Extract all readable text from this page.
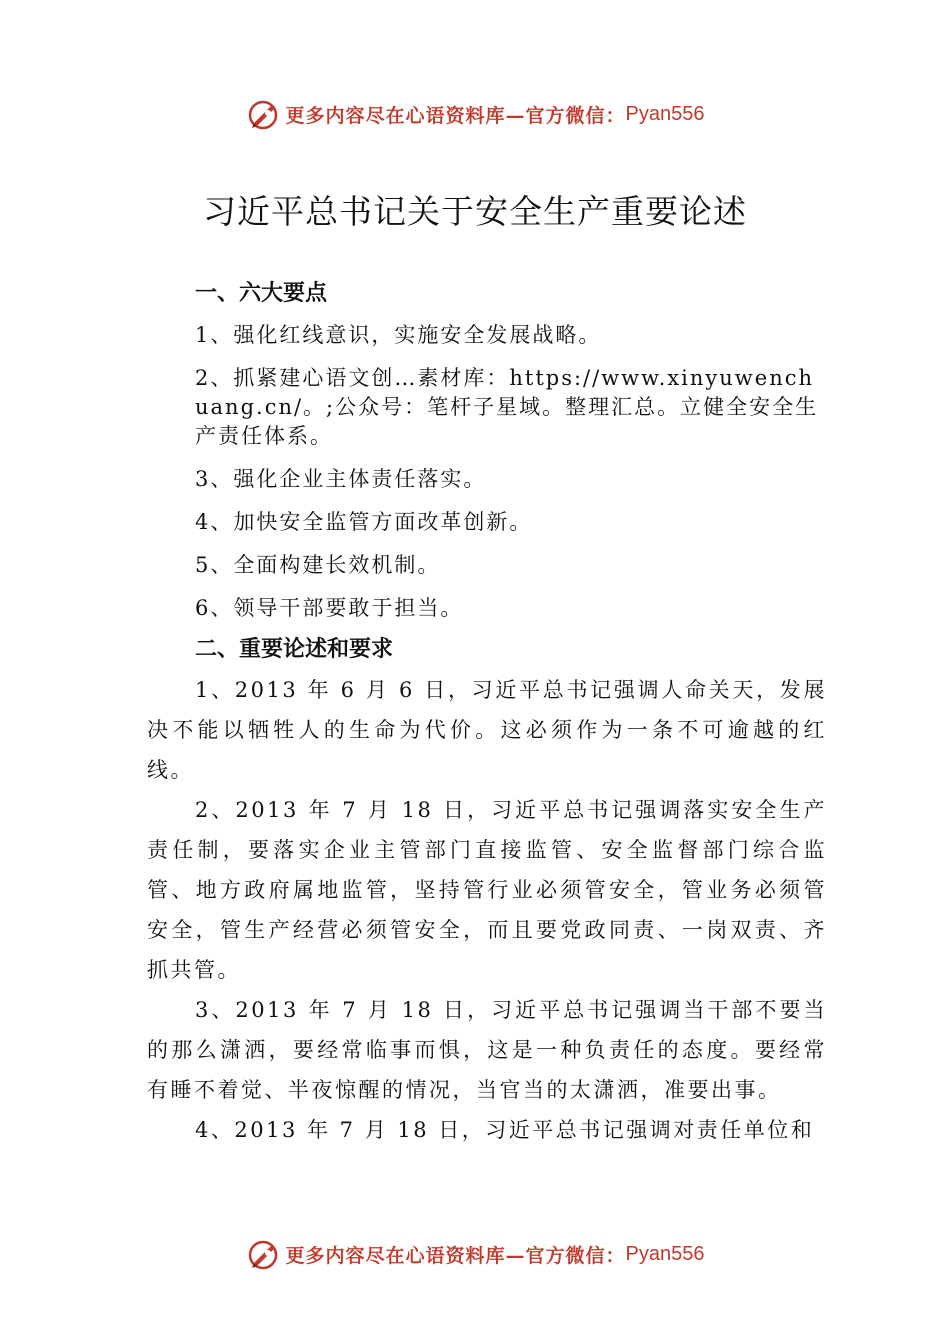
更多内容尽在心语资料库—官方微信： Pyan556
习近平总书记关于安全生产重要论述

一、六大要点

1、强化红线意识，实施安全发展战略。

2、抓紧建心语文创…素材库：https://www.xinyuwenchuang.cn/。;公众号：笔杆子星域。整理汇总。立健全安全生产责任体系。

3、强化企业主体责任落实。

4、加快安全监管方面改革创新。

5、全面构建长效机制。

6、领导干部要敢于担当。

二、重要论述和要求

1、2013 年 6 月 6 日，习近平总书记强调人命关天，发展决不能以牺牲人的生命为代价。这必须作为一条不可逾越的红线。

2、2013 年 7 月 18 日，习近平总书记强调落实安全生产责任制，要落实企业主管部门直接监管、安全监督部门综合监管、地方政府属地监管，坚持管行业必须管安全，管业务必须管安全，管生产经营必须管安全，而且要党政同责、一岗双责、齐抓共管。

3、2013 年 7 月 18 日，习近平总书记强调当干部不要当的那么潇洒，要经常临事而惧，这是一种负责任的态度。要经常有睡不着觉、半夜惊醒的情况，当官当的太潇洒，准要出事。

4、2013 年 7 月 18 日，习近平总书记强调对责任单位和

更多内容尽在心语资料库—官方微信： Pyan556
